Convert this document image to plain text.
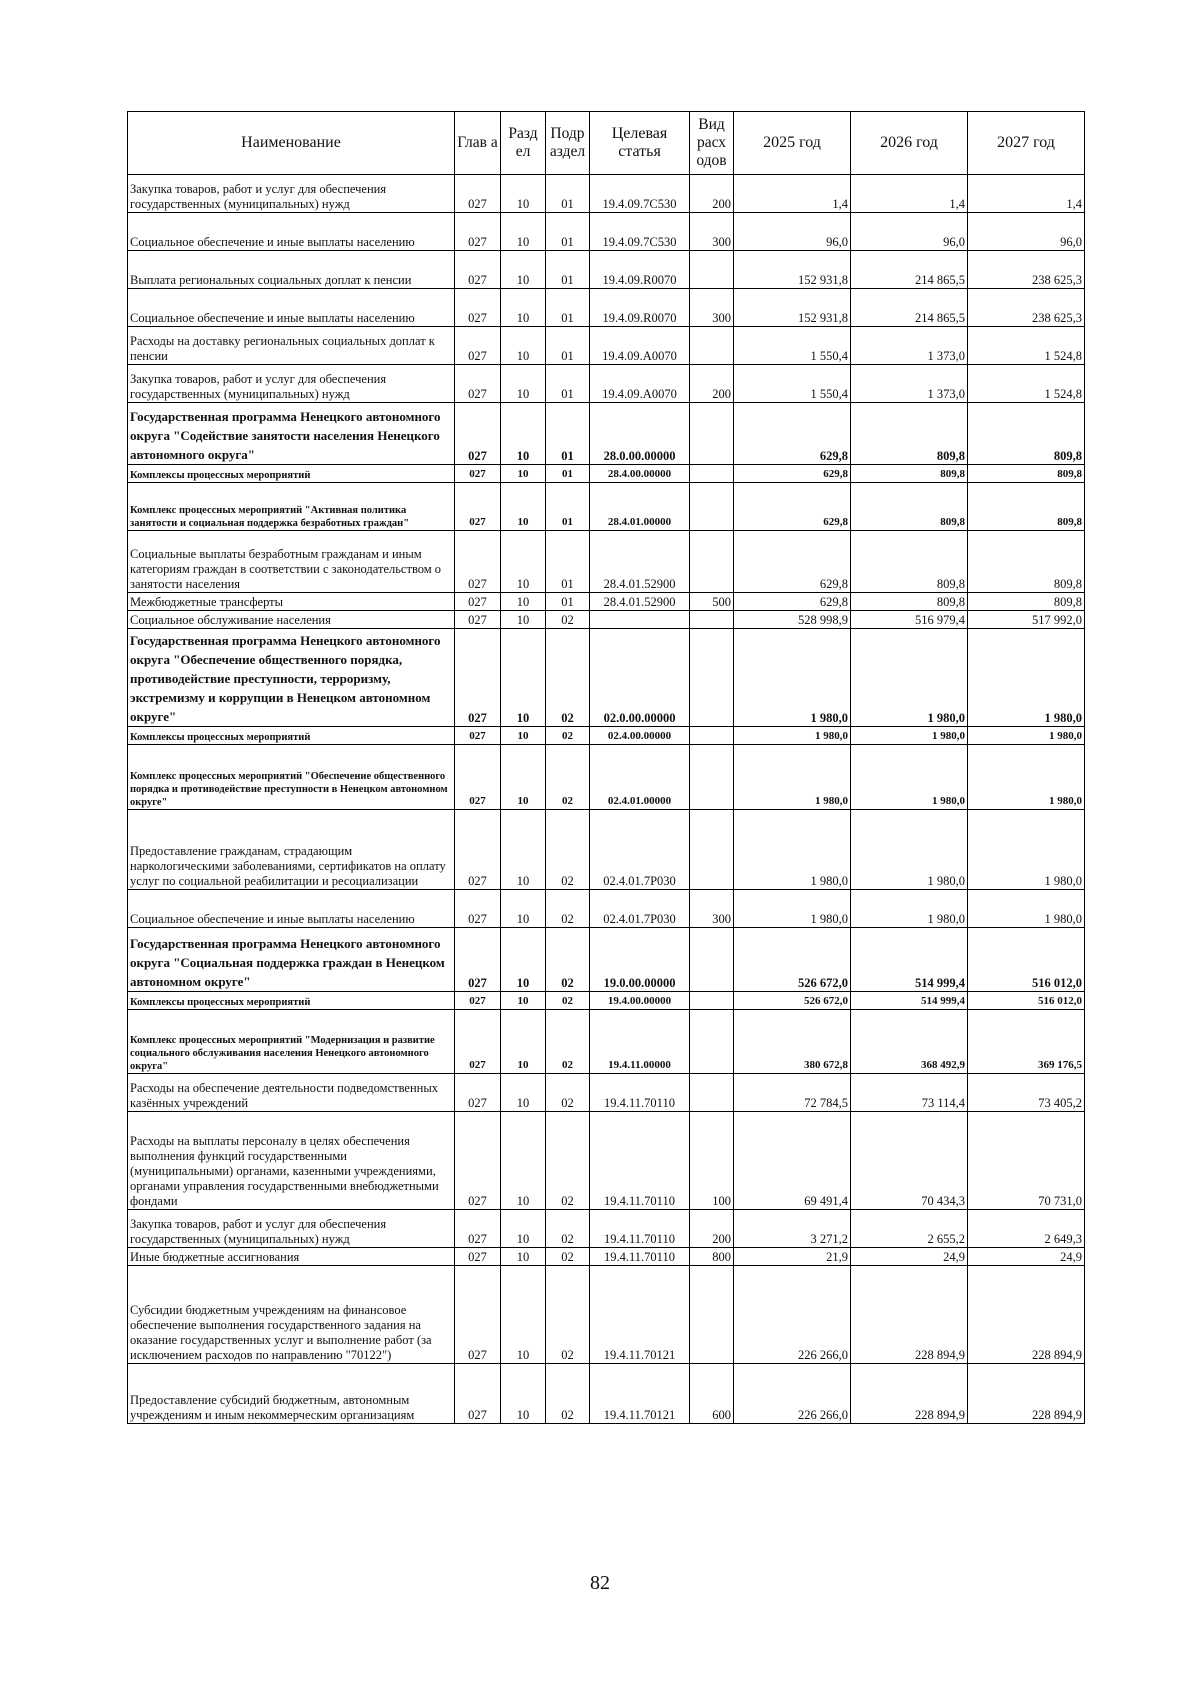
Наименование	Глав а	Разд ел	Подр аздел	Целевая статья	Вид расх одов	2025 год	2026 год	2027 год
Закупка товаров, работ и услуг для обеспечения государственных (муниципальных) нужд	027	10	01	19.4.09.7С530	200	1,4	1,4	1,4
Социальное обеспечение и иные выплаты населению	027	10	01	19.4.09.7С530	300	96,0	96,0	96,0
Выплата региональных социальных доплат к пенсии	027	10	01	19.4.09.R0070		152 931,8	214 865,5	238 625,3
Социальное обеспечение и иные выплаты населению	027	10	01	19.4.09.R0070	300	152 931,8	214 865,5	238 625,3
Расходы на доставку региональных социальных доплат к пенсии	027	10	01	19.4.09.А0070		1 550,4	1 373,0	1 524,8
Закупка товаров, работ и услуг для обеспечения государственных (муниципальных) нужд	027	10	01	19.4.09.А0070	200	1 550,4	1 373,0	1 524,8
Государственная программа Ненецкого автономного округа "Содействие занятости населения Ненецкого автономного округа"	027	10	01	28.0.00.00000		629,8	809,8	809,8
Комплексы процессных мероприятий	027	10	01	28.4.00.00000		629,8	809,8	809,8
Комплекс процессных мероприятий "Активная политика занятости и социальная поддержка безработных граждан"	027	10	01	28.4.01.00000		629,8	809,8	809,8
Социальные выплаты безработным гражданам и иным категориям граждан в соответствии с законодательством о занятости населения	027	10	01	28.4.01.52900		629,8	809,8	809,8
Межбюджетные трансферты	027	10	01	28.4.01.52900	500	629,8	809,8	809,8
Социальное обслуживание населения	027	10	02			528 998,9	516 979,4	517 992,0
Государственная программа Ненецкого автономного округа "Обеспечение общественного порядка, противодействие преступности, терроризму, экстремизму и коррупции в Ненецком автономном округе"	027	10	02	02.0.00.00000		1 980,0	1 980,0	1 980,0
Комплексы процессных мероприятий	027	10	02	02.4.00.00000		1 980,0	1 980,0	1 980,0
Комплекс процессных мероприятий "Обеспечение общественного порядка и противодействие преступности в Ненецком автономном округе"	027	10	02	02.4.01.00000		1 980,0	1 980,0	1 980,0
Предоставление гражданам, страдающим наркологическими заболеваниями, сертификатов на оплату услуг по социальной реабилитации и ресоциализации	027	10	02	02.4.01.7Р030		1 980,0	1 980,0	1 980,0
Социальное обеспечение и иные выплаты населению	027	10	02	02.4.01.7Р030	300	1 980,0	1 980,0	1 980,0
Государственная программа Ненецкого автономного округа "Социальная поддержка граждан в Ненецком автономном округе"	027	10	02	19.0.00.00000		526 672,0	514 999,4	516 012,0
Комплексы процессных мероприятий	027	10	02	19.4.00.00000		526 672,0	514 999,4	516 012,0
Комплекс процессных мероприятий "Модернизация и развитие социального обслуживания населения Ненецкого автономного округа"	027	10	02	19.4.11.00000		380 672,8	368 492,9	369 176,5
Расходы на обеспечение деятельности подведомственных казённых учреждений	027	10	02	19.4.11.70110		72 784,5	73 114,4	73 405,2
Расходы на выплаты персоналу в целях обеспечения выполнения функций государственными (муниципальными) органами, казенными учреждениями, органами управления государственными внебюджетными фондами	027	10	02	19.4.11.70110	100	69 491,4	70 434,3	70 731,0
Закупка товаров, работ и услуг для обеспечения государственных (муниципальных) нужд	027	10	02	19.4.11.70110	200	3 271,2	2 655,2	2 649,3
Иные бюджетные ассигнования	027	10	02	19.4.11.70110	800	21,9	24,9	24,9
Субсидии бюджетным учреждениям на финансовое обеспечение выполнения государственного задания на оказание государственных услуг и выполнение работ (за исключением расходов по направлению "70122")	027	10	02	19.4.11.70121		226 266,0	228 894,9	228 894,9
Предоставление субсидий бюджетным, автономным учреждениям и иным некоммерческим организациям	027	10	02	19.4.11.70121	600	226 266,0	228 894,9	228 894,9
82
